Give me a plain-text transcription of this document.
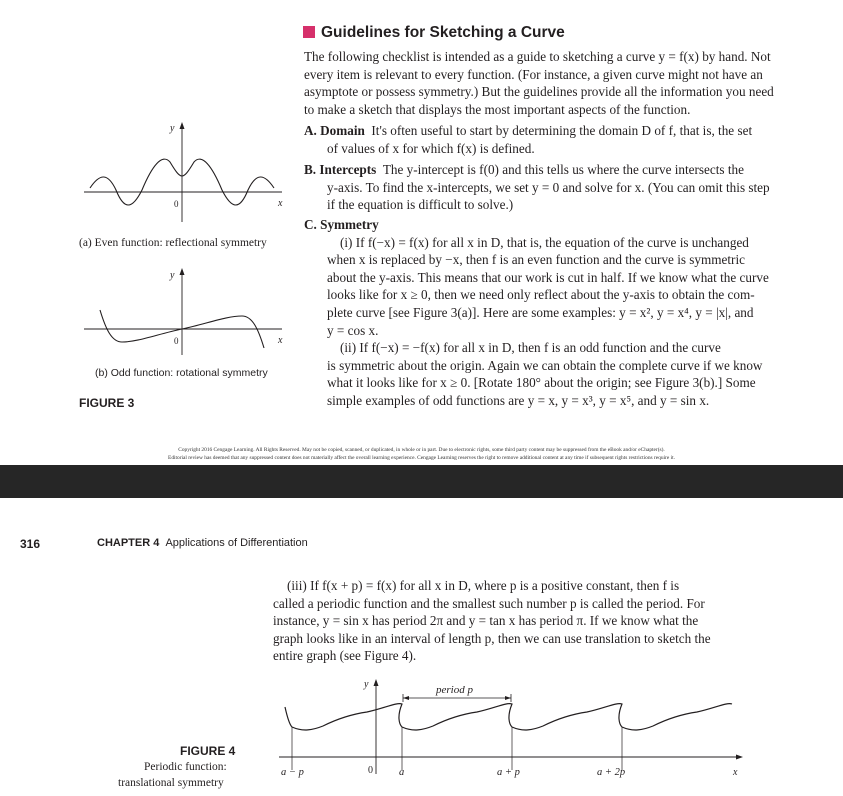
Guidelines for Sketching a Curve
The following checklist is intended as a guide to sketching a curve y = f(x) by hand. Not
every item is relevant to every function. (For instance, a given curve might not have an
asymptote or possess symmetry.) But the guidelines provide all the information you need
to make a sketch that displays the most important aspects of the function.
A. Domain It's often useful to start by determining the domain D of f, that is, the set
of values of x for which f(x) is defined.
B. Intercepts The y-intercept is f(0) and this tells us where the curve intersects the
y-axis. To find the x-intercepts, we set y = 0 and solve for x. (You can omit this step
if the equation is difficult to solve.)
C. Symmetry
(i) If f(−x) = f(x) for all x in D, that is, the equation of the curve is unchanged
when x is replaced by −x, then f is an even function and the curve is symmetric
about the y-axis. This means that our work is cut in half. If we know what the curve
looks like for x ≥ 0, then we need only reflect about the y-axis to obtain the com-
plete curve [see Figure 3(a)]. Here are some examples: y = x², y = x⁴, y = |x|, and
y = cos x.
(ii) If f(−x) = −f(x) for all x in D, then f is an odd function and the curve
is symmetric about the origin. Again we can obtain the complete curve if we know
what it looks like for x ≥ 0. [Rotate 180° about the origin; see Figure 3(b).] Some
simple examples of odd functions are y = x, y = x³, y = x⁵, and y = sin x.
y
x
0
(a) Even function: reflectional symmetry
y
x
0
(b) Odd function: rotational symmetry
FIGURE 3
Copyright 2016 Cengage Learning. All Rights Reserved. May not be copied, scanned, or duplicated, in whole or in part. Due to electronic rights, some third party content may be suppressed from the eBook and/or eChapter(s).
Editorial review has deemed that any suppressed content does not materially affect the overall learning experience. Cengage Learning reserves the right to remove additional content at any time if subsequent rights restrictions require it.
316	CHAPTER 4 Applications of Differentiation
(iii) If f(x + p) = f(x) for all x in D, where p is a positive constant, then f is
called a periodic function and the smallest such number p is called the period. For
instance, y = sin x has period 2π and y = tan x has period π. If we know what the
graph looks like in an interval of length p, then we can use translation to sketch the
entire graph (see Figure 4).
period p
y
x
0
a − p	a	a + p	a + 2p
FIGURE 4
Periodic function:
translational symmetry
